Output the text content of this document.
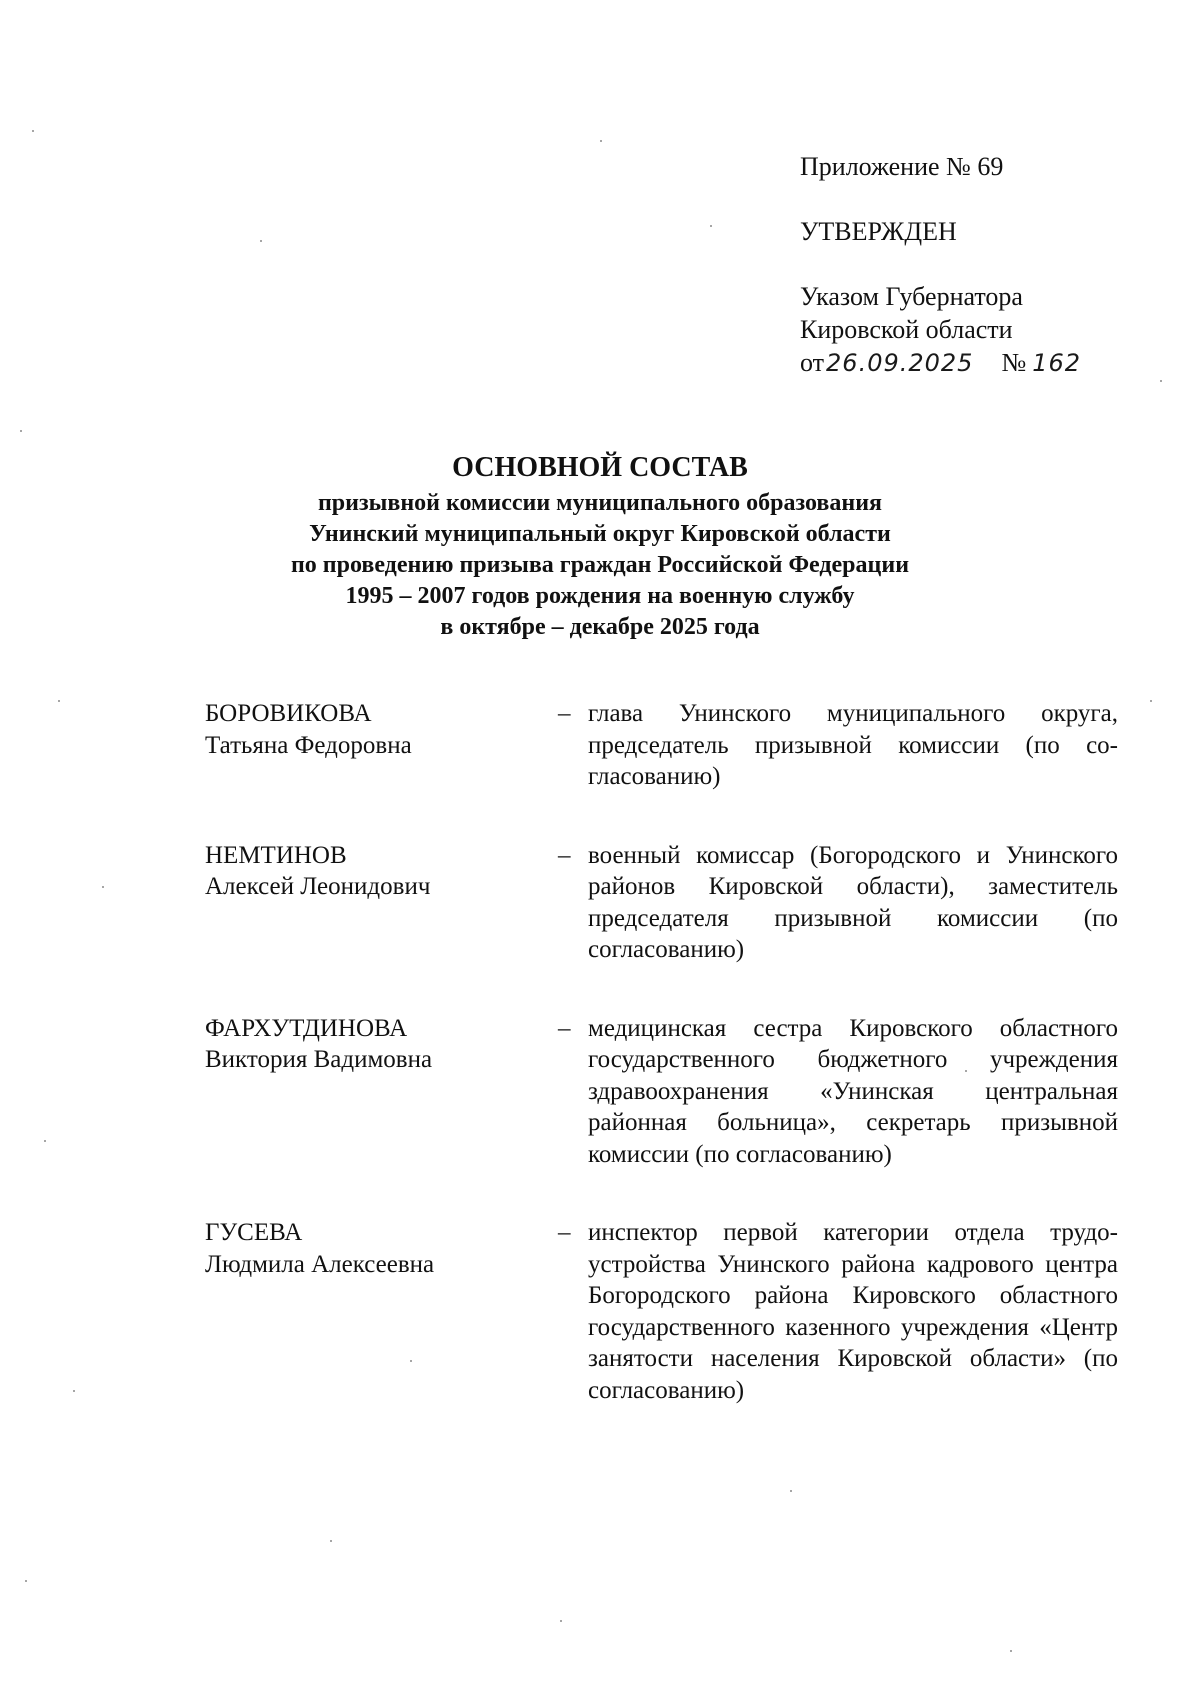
Приложение № 69
УТВЕРЖДЕН
Указом Губернатора
Кировской области
от 26.09.2025 № 162
ОСНОВНОЙ СОСТАВ
призывной комиссии муниципального образования
Унинский муниципальный округ Кировской области
по проведению призыва граждан Российской Федерации
1995 – 2007 годов рождения на военную службу
в октябре – декабре 2025 года
БОРОВИКОВА
Татьяна Федоровна
– глава Унинского муниципального округа, председатель призывной комиссии (по согласованию)
НЕМТИНОВ
Алексей Леонидович
– военный комиссар (Богородского и Унинского районов Кировской области), заместитель председателя призывной комиссии (по согласованию)
ФАРХУТДИНОВА
Виктория Вадимовна
– медицинская сестра Кировского областного государственного бюджетного учреждения здравоохранения «Унинская центральная районная больница», секретарь призывной комиссии (по согласованию)
ГУСЕВА
Людмила Алексеевна
– инспектор первой категории отдела трудоустройства Унинского района кадрового центра Богородского района Кировского областного государственного казенного учреждения «Центр занятости населения Кировской области» (по согласованию)
